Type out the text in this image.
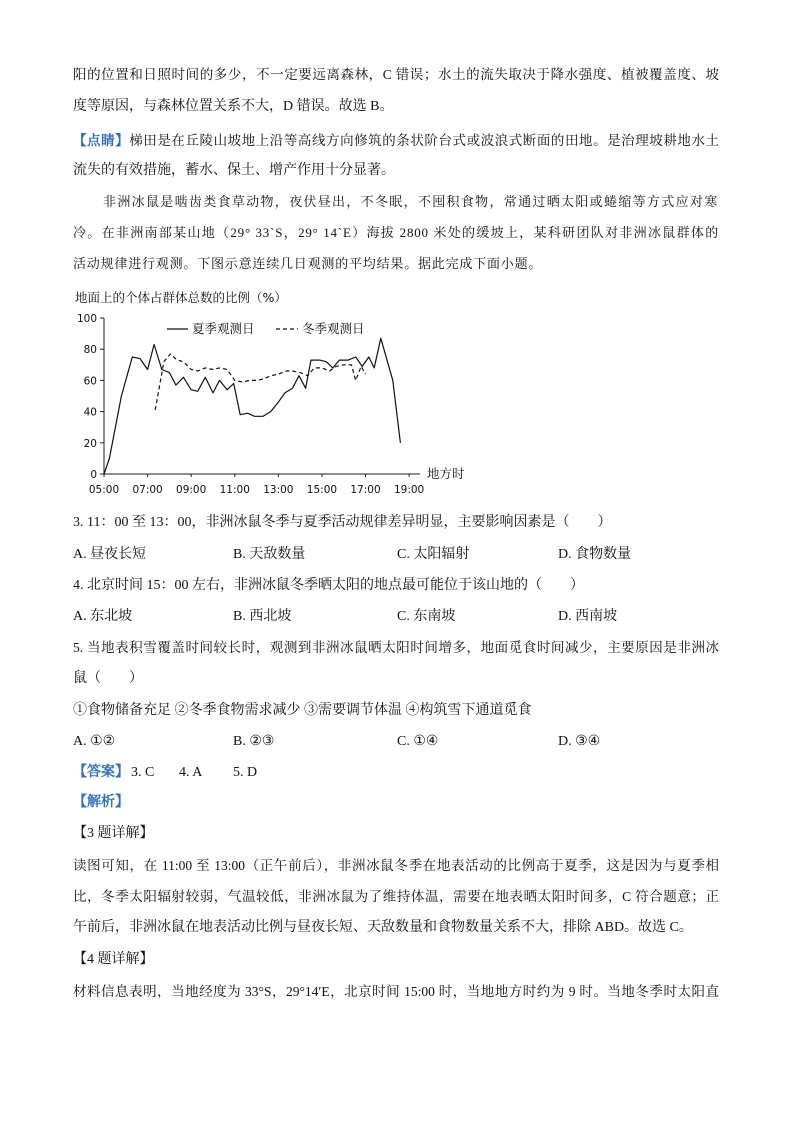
阳的位置和日照时间的多少，不一定要远离森林，C 错误；水土的流失取决于降水强度、植被覆盖度、坡
度等原因，与森林位置关系不大，D 错误。故选 B。
【点睛】梯田是在丘陵山坡地上沿等高线方向修筑的条状阶台式或波浪式断面的田地。是治理坡耕地水土
流失的有效措施，蓄水、保土、增产作用十分显著。
非洲冰鼠是啮齿类食草动物，夜伏昼出，不冬眠，不囤积食物，常通过晒太阳或蜷缩等方式应对寒
冷。在非洲南部某山地（29° 33`S，29° 14`E）海拔 2800 米处的缓坡上，某科研团队对非洲冰鼠群体的
活动规律进行观测。下图示意连续几日观测的平均结果。据此完成下面小题。
地面上的个体占群体总数的比例（%）
地方时
夏季观测日	冬季观测日
0
20
40
60
80
100
05:00 07:00 09:00 11:00 13:00 15:00 17:00 19:00
3. 11：00 至 13：00，非洲冰鼠冬季与夏季活动规律差异明显，主要影响因素是（　　）
A. 昼夜长短	B. 天敌数量	C. 太阳辐射	D. 食物数量
4. 北京时间 15：00 左右，非洲冰鼠冬季晒太阳的地点最可能位于该山地的（　　）
A. 东北坡	B. 西北坡	C. 东南坡	D. 西南坡
5. 当地表积雪覆盖时间较长时，观测到非洲冰鼠晒太阳时间增多，地面觅食时间减少，主要原因是非洲冰
鼠（　　）
①食物储备充足 ②冬季食物需求减少 ③需要调节体温 ④构筑雪下通道觅食
A. ①②	B. ②③	C. ①④	D. ③④
【答案】 3. C 4. A 5. D
【解析】
【3 题详解】
读图可知，在 11:00 至 13:00（正午前后），非洲冰鼠冬季在地表活动的比例高于夏季，这是因为与夏季相
比，冬季太阳辐射较弱，气温较低，非洲冰鼠为了维持体温，需要在地表晒太阳时间多，C 符合题意；正
午前后，非洲冰鼠在地表活动比例与昼夜长短、天敌数量和食物数量关系不大，排除 ABD。故选 C。
【4 题详解】
材料信息表明，当地经度为 33°S，29°14′E，北京时间 15:00 时，当地地方时约为 9 时。当地冬季时太阳直
